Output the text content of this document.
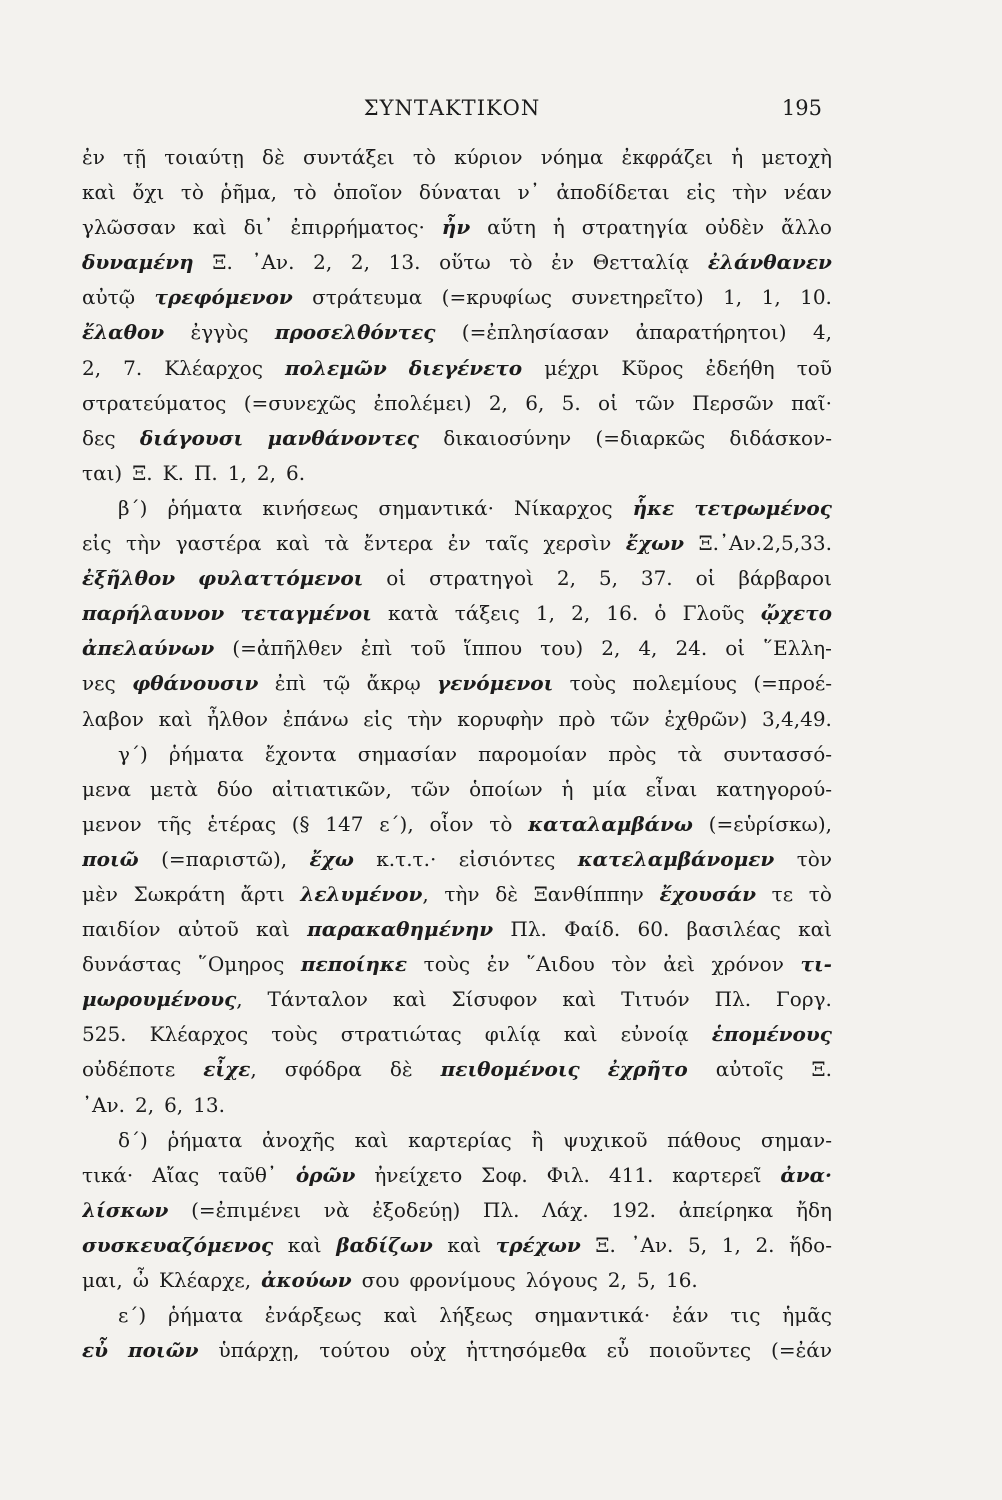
ΣΥΝΤΑΚΤΙΚΟΝ	195
ἐν τῇ τοιαύτῃ δὲ συντάξει τὸ κύριον νόημα ἐκφράζει ἡ μετοχὴ
καὶ ὄχι τὸ ῥῆμα, τὸ ὁποῖον δύναται ν᾽ ἀποδίδεται εἰς τὴν νέαν
γλῶσσαν καὶ δι᾽ ἐπιρρήματος· ἦν αὕτη ἡ στρατηγία οὐδὲν ἄλλο
δυναμένη Ξ. ᾽Αν. 2, 2, 13. οὕτω τὸ ἐν Θετταλίᾳ ἐλάνθανεν
αὐτῷ τρεφόμενον στράτευμα (=κρυφίως συνετηρεῖτο) 1, 1, 10.
ἔλαθον ἐγγὺς προσελθόντες (=ἐπλησίασαν ἀπαρατήρητοι) 4,
2, 7. Κλέαρχος πολεμῶν διεγένετο μέχρι Κῦρος ἐδεήθη τοῦ
στρατεύματος (=συνεχῶς ἐπολέμει) 2, 6, 5. οἱ τῶν Περσῶν παῖ·
δες διάγουσι μανθάνοντες δικαιοσύνην (=διαρκῶς διδάσκον-
ται) Ξ. Κ. Π. 1, 2, 6.
β΄) ῥήματα κινήσεως σημαντικά· Νίκαρχος ἧκε τετρωμένος
εἰς τὴν γαστέρα καὶ τὰ ἔντερα ἐν ταῖς χερσὶν ἔχων Ξ.᾽Αν.2,5,33.
ἐξῆλθον φυλαττόμενοι οἱ στρατηγοὶ 2, 5, 37. οἱ βάρβαροι
παρήλαυνον τεταγμένοι κατὰ τάξεις 1, 2, 16. ὁ Γλοῦς ᾤχετο
ἀπελαύνων (=ἀπῆλθεν ἐπὶ τοῦ ἵππου του) 2, 4, 24. οἱ ῞Ελλη-
νες φθάνουσιν ἐπὶ τῷ ἄκρῳ γενόμενοι τοὺς πολεμίους (=προέ-
λαβον καὶ ἦλθον ἐπάνω εἰς τὴν κορυφὴν πρὸ τῶν ἐχθρῶν) 3,4,49.
γ΄) ῥήματα ἔχοντα σημασίαν παρομοίαν πρὸς τὰ συντασσό-
μενα μετὰ δύο αἰτιατικῶν, τῶν ὁποίων ἡ μία εἶναι κατηγορού-
μενον τῆς ἑτέρας (§ 147 ε΄), οἷον τὸ καταλαμβάνω (=εὑρίσκω),
ποιῶ (=παριστῶ), ἔχω κ.τ.τ.· εἰσιόντες κατελαμβάνομεν τὸν
μὲν Σωκράτη ἄρτι λελυμένον, τὴν δὲ Ξανθίππην ἔχουσάν τε τὸ
παιδίον αὐτοῦ καὶ παρακαθημένην Πλ. Φαίδ. 60. βασιλέας καὶ
δυνάστας ῞Ομηρος πεποίηκε τοὺς ἐν ῞Αιδου τὸν ἀεὶ χρόνον τι-
μωρουμένους, Τάνταλον καὶ Σίσυφον καὶ Τιτυόν Πλ. Γοργ.
525. Κλέαρχος τοὺς στρατιώτας φιλίᾳ καὶ εὐνοίᾳ ἑπομένους
οὐδέποτε εἶχε, σφόδρα δὲ πειθομένοις ἐχρῆτο αὐτοῖς Ξ.
᾽Αν. 2, 6, 13.
δ΄) ῥήματα ἀνοχῆς καὶ καρτερίας ἢ ψυχικοῦ πάθους σημαν-
τικά· Αἴας ταῦθ᾽ ὁρῶν ἠνείχετο Σοφ. Φιλ. 411. καρτερεῖ ἀνα·
λίσκων (=ἐπιμένει νὰ ἐξοδεύῃ) Πλ. Λάχ. 192. ἀπείρηκα ἤδη
συσκευαζόμενος καὶ βαδίζων καὶ τρέχων Ξ. ᾽Αν. 5, 1, 2. ἥδο-
μαι, ὦ Κλέαρχε, ἀκούων σου φρονίμους λόγους 2, 5, 16.
ε΄) ῥήματα ἐνάρξεως καὶ λήξεως σημαντικά· ἐάν τις ἡμᾶς
εὖ ποιῶν ὑπάρχῃ, τούτου οὐχ ἡττησόμεθα εὖ ποιοῦντες (=ἐάν
